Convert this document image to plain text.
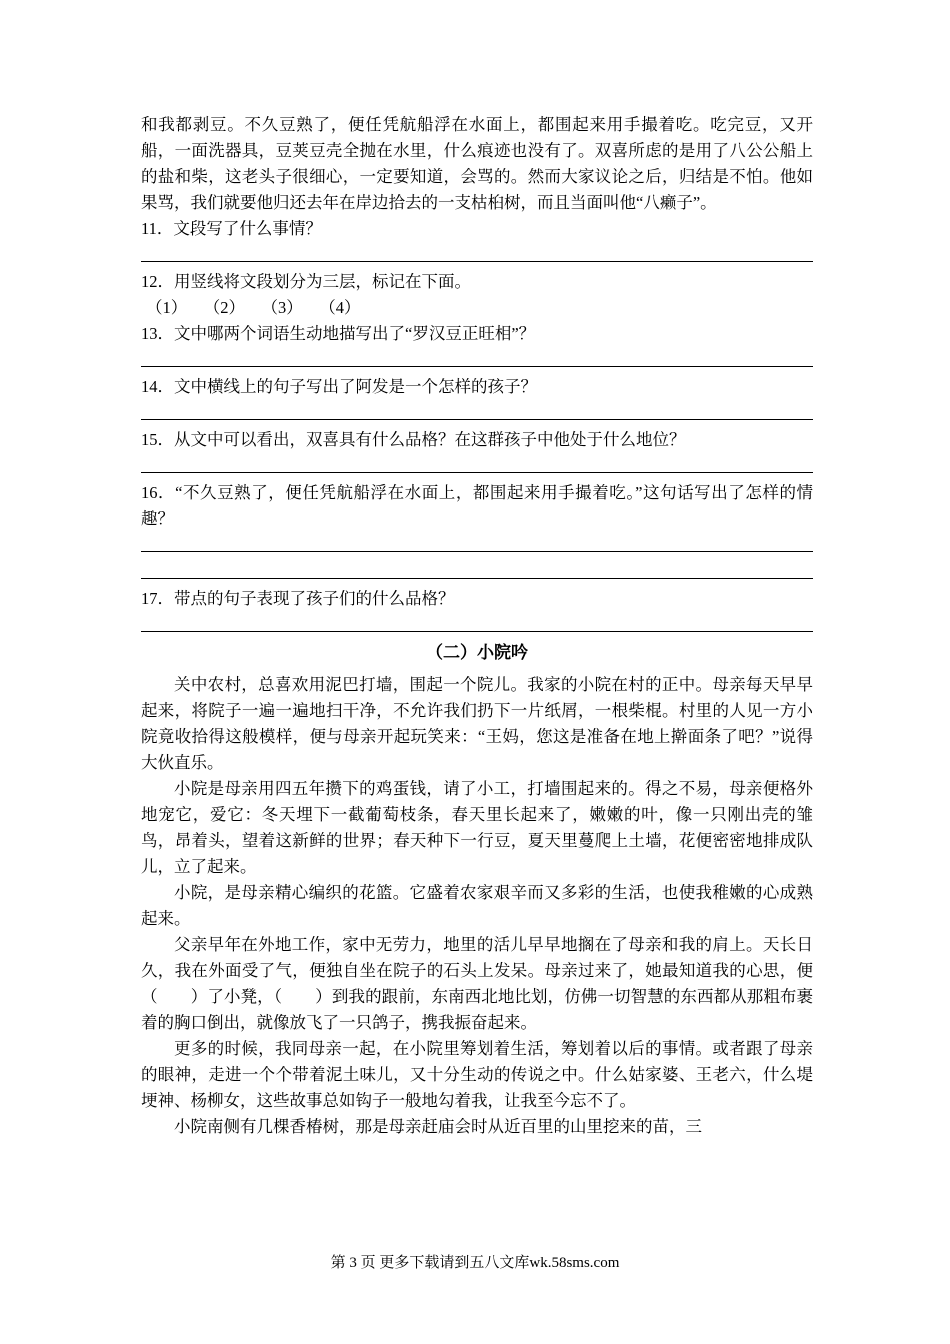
和我都剥豆。不久豆熟了，便任凭航船浮在水面上，都围起来用手撮着吃。吃完豆，又开船，一面洗器具，豆荚豆壳全抛在水里，什么痕迹也没有了。双喜所虑的是用了八公公船上的盐和柴，这老头子很细心，一定要知道，会骂的。然而大家议论之后，归结是不怕。他如果骂，我们就要他归还去年在岸边拾去的一支枯桕树，而且当面叫他“八癞子”。

11．文段写了什么事情？

12．用竖线将文段划分为三层，标记在下面。

（1）　　（2）　　（3）　　（4）

13．文中哪两个词语生动地描写出了“罗汉豆正旺相”？

14．文中横线上的句子写出了阿发是一个怎样的孩子？

15．从文中可以看出，双喜具有什么品格？在这群孩子中他处于什么地位？

16．“不久豆熟了，便任凭航船浮在水面上，都围起来用手撮着吃。”这句话写出了怎样的情趣？

17．带点的句子表现了孩子们的什么品格？

（二）小院吟

关中农村，总喜欢用泥巴打墙，围起一个院儿。我家的小院在村的正中。母亲每天早早起来，将院子一遍一遍地扫干净，不允许我们扔下一片纸屑，一根柴棍。村里的人见一方小院竟收拾得这般模样，便与母亲开起玩笑来：“王妈，您这是准备在地上擀面条了吧？”说得大伙直乐。

小院是母亲用四五年攒下的鸡蛋钱，请了小工，打墙围起来的。得之不易，母亲便格外地宠它，爱它：冬天埋下一截葡萄枝条，春天里长起来了，嫩嫩的叶，像一只刚出壳的雏鸟，昂着头，望着这新鲜的世界；春天种下一行豆，夏天里蔓爬上土墙，花便密密地排成队儿，立了起来。

小院，是母亲精心编织的花篮。它盛着农家艰辛而又多彩的生活，也使我稚嫩的心成熟起来。

父亲早年在外地工作，家中无劳力，地里的活儿早早地搁在了母亲和我的肩上。天长日久，我在外面受了气，便独自坐在院子的石头上发呆。母亲过来了，她最知道我的心思，便（　　）了小凳，（　　）到我的跟前，东南西北地比划，仿佛一切智慧的东西都从那粗布裹着的胸口倒出，就像放飞了一只鸽子，携我振奋起来。

更多的时候，我同母亲一起，在小院里筹划着生活，筹划着以后的事情。或者跟了母亲的眼神，走进一个个带着泥土味儿，又十分生动的传说之中。什么姑家婆、王老六，什么堤埂神、杨柳女，这些故事总如钩子一般地勾着我，让我至今忘不了。

小院南侧有几棵香椿树，那是母亲赶庙会时从近百里的山里挖来的苗，三

第 3 页 更多下载请到五八文库wk.58sms.com
